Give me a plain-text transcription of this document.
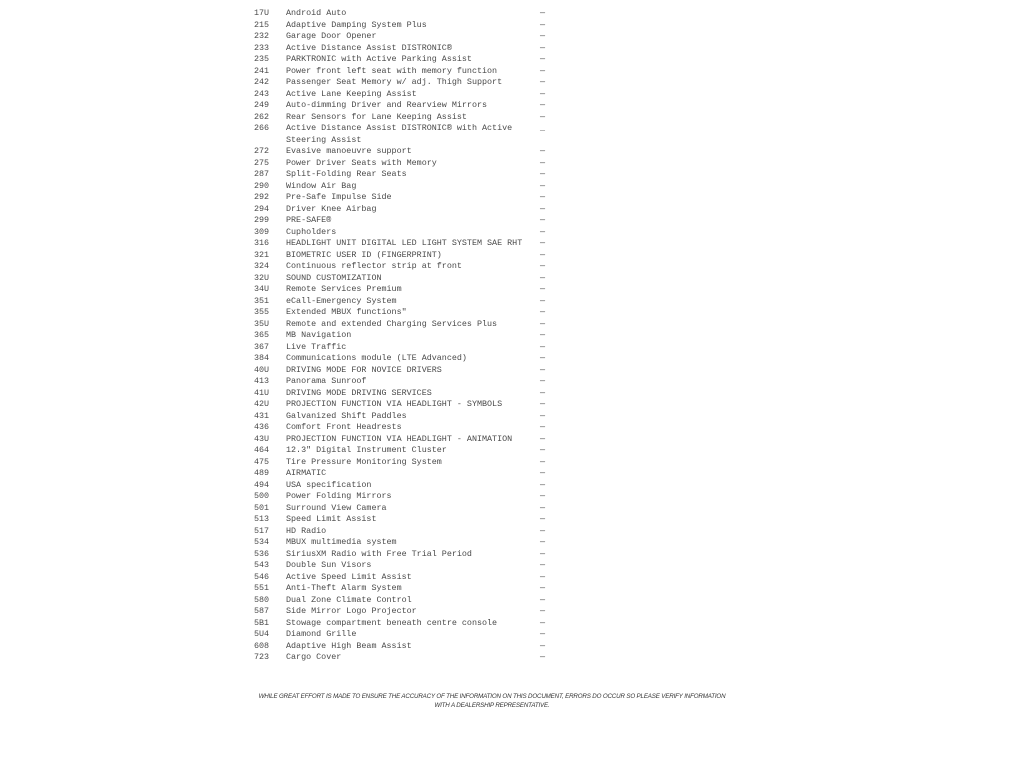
17U	Android Auto	—
215	Adaptive Damping System Plus	—
232	Garage Door Opener	—
233	Active Distance Assist DISTRONIC®	—
235	PARKTRONIC with Active Parking Assist	—
241	Power front left seat with memory function	—
242	Passenger Seat Memory w/ adj. Thigh Support	—
243	Active Lane Keeping Assist	—
249	Auto-dimming Driver and Rearview Mirrors	—
262	Rear Sensors for Lane Keeping Assist	—
266	Active Distance Assist DISTRONIC® with Active Steering Assist
_
272	Evasive manoeuvre support	—
275	Power Driver Seats with Memory	—
287	Split-Folding Rear Seats	—
290	Window Air Bag	—
292	Pre-Safe Impulse Side	—
294	Driver Knee Airbag	—
299	PRE-SAFE®	—
309	Cupholders	—
316	HEADLIGHT UNIT DIGITAL LED LIGHT SYSTEM SAE RHT	—
321	BIOMETRIC USER ID (FINGERPRINT)	—
324	Continuous reflector strip at front	—
32U	SOUND CUSTOMIZATION	—
34U	Remote Services Premium	—
351	eCall-Emergency System	—
355	Extended MBUX functions"	—
35U	Remote and extended Charging Services Plus	—
365	MB Navigation	—
367	Live Traffic	—
384	Communications module (LTE Advanced)	—
40U	DRIVING MODE FOR NOVICE DRIVERS	—
413	Panorama Sunroof	—
41U	DRIVING MODE DRIVING SERVICES	—
42U	PROJECTION FUNCTION VIA HEADLIGHT - SYMBOLS	—
431	Galvanized Shift Paddles	—
436	Comfort Front Headrests	—
43U	PROJECTION FUNCTION VIA HEADLIGHT - ANIMATION	—
464	12.3" Digital Instrument Cluster	—
475	Tire Pressure Monitoring System	—
489	AIRMATIC	—
494	USA specification	—
500	Power Folding Mirrors	—
501	Surround View Camera	—
513	Speed Limit Assist	—
517	HD Radio	—
534	MBUX multimedia system	—
536	SiriusXM Radio with Free Trial Period	—
543	Double Sun Visors	—
546	Active Speed Limit Assist	—
551	Anti-Theft Alarm System	—
580	Dual Zone Climate Control	—
587	Side Mirror Logo Projector	—
5B1	Stowage compartment beneath centre console	—
5U4	Diamond Grille	—
608	Adaptive High Beam Assist	—
723	Cargo Cover	—
WHILE GREAT EFFORT IS MADE TO ENSURE THE ACCURACY OF THE INFORMATION ON THIS DOCUMENT, ERRORS DO OCCUR SO PLEASE VERIFY INFORMATION WITH A DEALERSHIP REPRESENTATIVE.
